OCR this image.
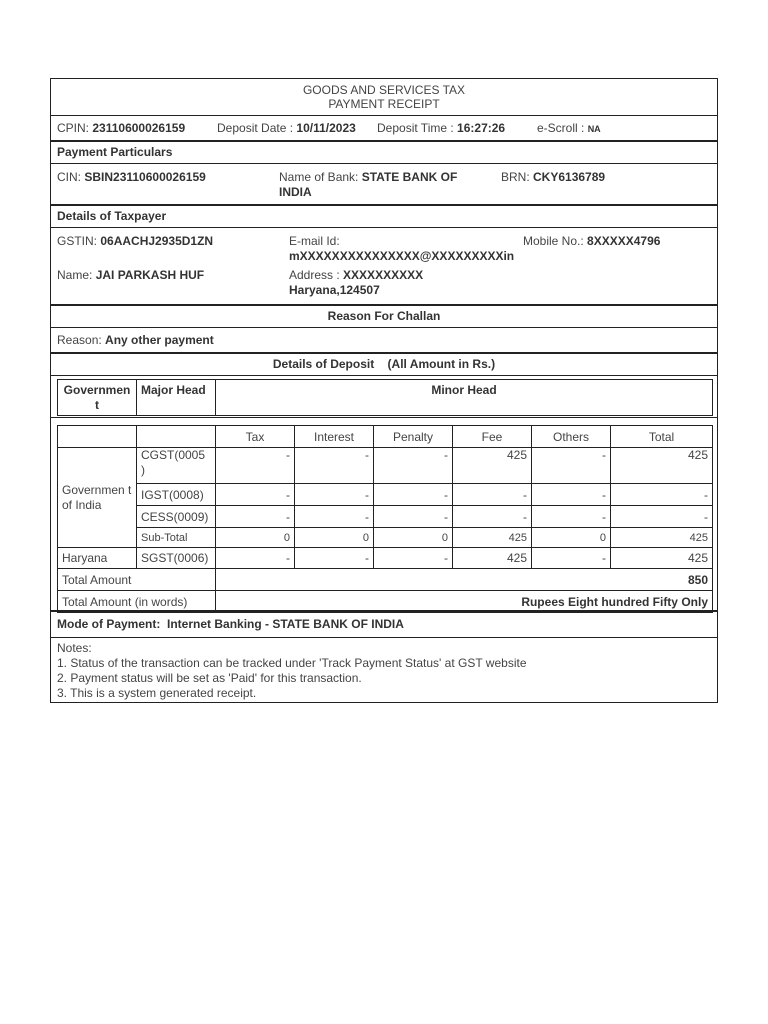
GOODS AND SERVICES TAX
PAYMENT RECEIPT
CPIN: 23110600026159	Deposit Date : 10/11/2023 Deposit Time : 16:27:26	e-Scroll : NA
Payment Particulars
CIN: SBIN23110600026159	Name of Bank: STATE BANK OF
INDIA
BRN: CKY6136789
Details of Taxpayer
GSTIN: 06AACHJ2935D1ZN	E-mail Id:
mXXXXXXXXXXXXXXX@XXXXXXXXXin
Mobile No.: 8XXXXX4796
Name: JAI PARKASH HUF	Address : XXXXXXXXXX
Haryana,124507
Reason For Challan
Reason: Any other payment
Details of Deposit    (All Amount in Rs.)
Governmen t	Major Head	Minor Head
		Tax	Interest	Penalty	Fee	Others	Total
Governmen t of India	CGST(0005 )	-	-	-	425	-	425
	IGST(0008)	-	-	-	-	-	-
	CESS(0009)	-	-	-	-	-	-
	Sub-Total	0	0	0	425	0	425
Haryana	SGST(0006)	-	-	-	425	-	425
Total Amount		850					
Total Amount (in words)		Rupees Eight hundred Fifty Only					
Mode of Payment: Internet Banking - STATE BANK OF INDIA
Notes:
1. Status of the transaction can be tracked under 'Track Payment Status' at GST website
2. Payment status will be set as 'Paid' for this transaction.
3. This is a system generated receipt.
